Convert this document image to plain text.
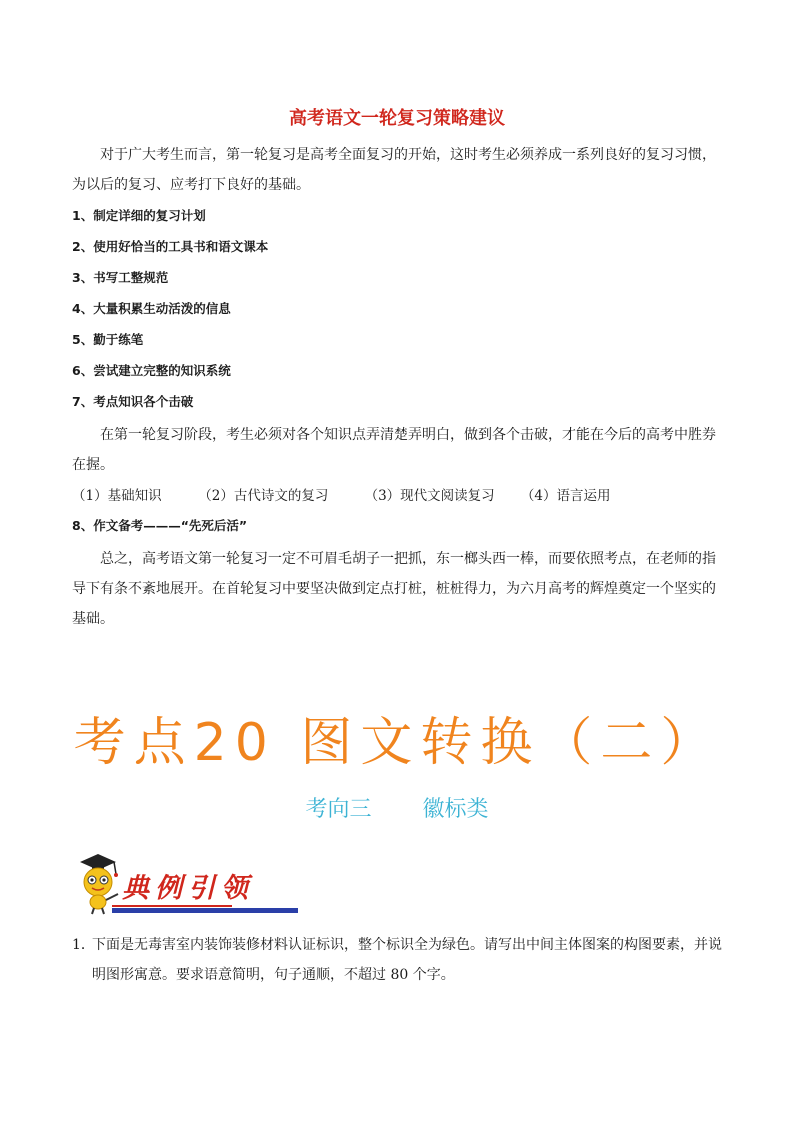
高考语文一轮复习策略建议
对于广大考生而言，第一轮复习是高考全面复习的开始，这时考生必须养成一系列良好的复习习惯，
为以后的复习、应考打下良好的基础。
1、制定详细的复习计划
2、使用好恰当的工具书和语文课本
3、书写工整规范
4、大量积累生动活泼的信息
5、勤于练笔
6、尝试建立完整的知识系统
7、考点知识各个击破
在第一轮复习阶段，考生必须对各个知识点弄清楚弄明白，做到各个击破，才能在今后的高考中胜券
在握。
（1）基础知识	（2）古代诗文的复习	（3）现代文阅读复习 （4）语言运用
8、作文备考———“先死后活”
总之，高考语文第一轮复习一定不可眉毛胡子一把抓，东一榔头西一棒，而要依照考点，在老师的指
导下有条不紊地展开。在首轮复习中要坚决做到定点打桩，桩桩得力，为六月高考的辉煌奠定一个坚实的
基础。
考点20 图文转换（二）
考向三 徽标类
典例引领
1．下面是无毒害室内装饰装修材料认证标识，整个标识全为绿色。请写出中间主体图案的构图要素，并说
明图形寓意。要求语意简明，句子通顺，不超过 80 个字。
